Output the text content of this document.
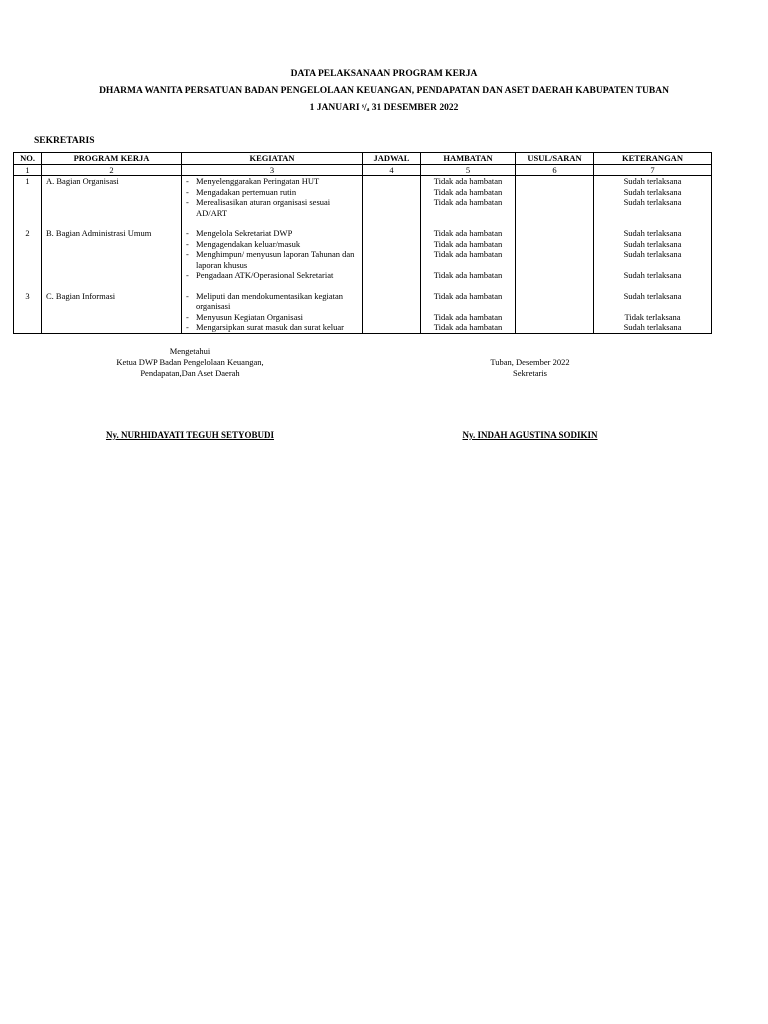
DATA PELAKSANAAN PROGRAM KERJA
DHARMA WANITA PERSATUAN BADAN PENGELOLAAN KEUANGAN, PENDAPATAN DAN ASET DAERAH KABUPATEN TUBAN
1 JANUARI ˢ/ₐ 31 DESEMBER 2022
SEKRETARIS
NO.	PROGRAM KERJA	KEGIATAN	JADWAL	HAMBATAN	USUL/SARAN	KETERANGAN
1	2	3	4	5	6	7
1	A. Bagian Organisasi	- Menyelenggarakan Peringatan HUT		Tidak ada hambatan		Sudah terlaksana

		- Mengadakan pertemuan rutin		Tidak ada hambatan		Sudah terlaksana

		- Merealisasikan aturan organisasi sesuai AD/ART		Tidak ada hambatan		Sudah terlaksana

2	B. Bagian Administrasi Umum	- Mengelola Sekretariat DWP		Tidak ada hambatan		Sudah terlaksana

		- Mengagendakan keluar/masuk		Tidak ada hambatan		Sudah terlaksana

		- Menghimpun/ menyusun laporan Tahunan dan laporan khusus		Tidak ada hambatan		Sudah terlaksana

		- Pengadaan ATK/Operasional Sekretariat		Tidak ada hambatan		Sudah terlaksana

3	C. Bagian Informasi	- Meliputi dan mendokumentasikan kegiatan organisasi		Tidak ada hambatan		Sudah terlaksana

		- Menyusun Kegiatan Organisasi		Tidak ada hambatan		Tidak terlaksana

		- Mengarsipkan surat masuk dan surat keluar		Tidak ada hambatan		Sudah terlaksana
Mengetahui
Ketua DWP Badan Pengelolaan Keuangan,
Pendapatan,Dan Aset Daerah
Ny. NURHIDAYATI TEGUH SETYOBUDI
Tuban, Desember 2022
Sekretaris
Ny. INDAH AGUSTINA SODIKIN
